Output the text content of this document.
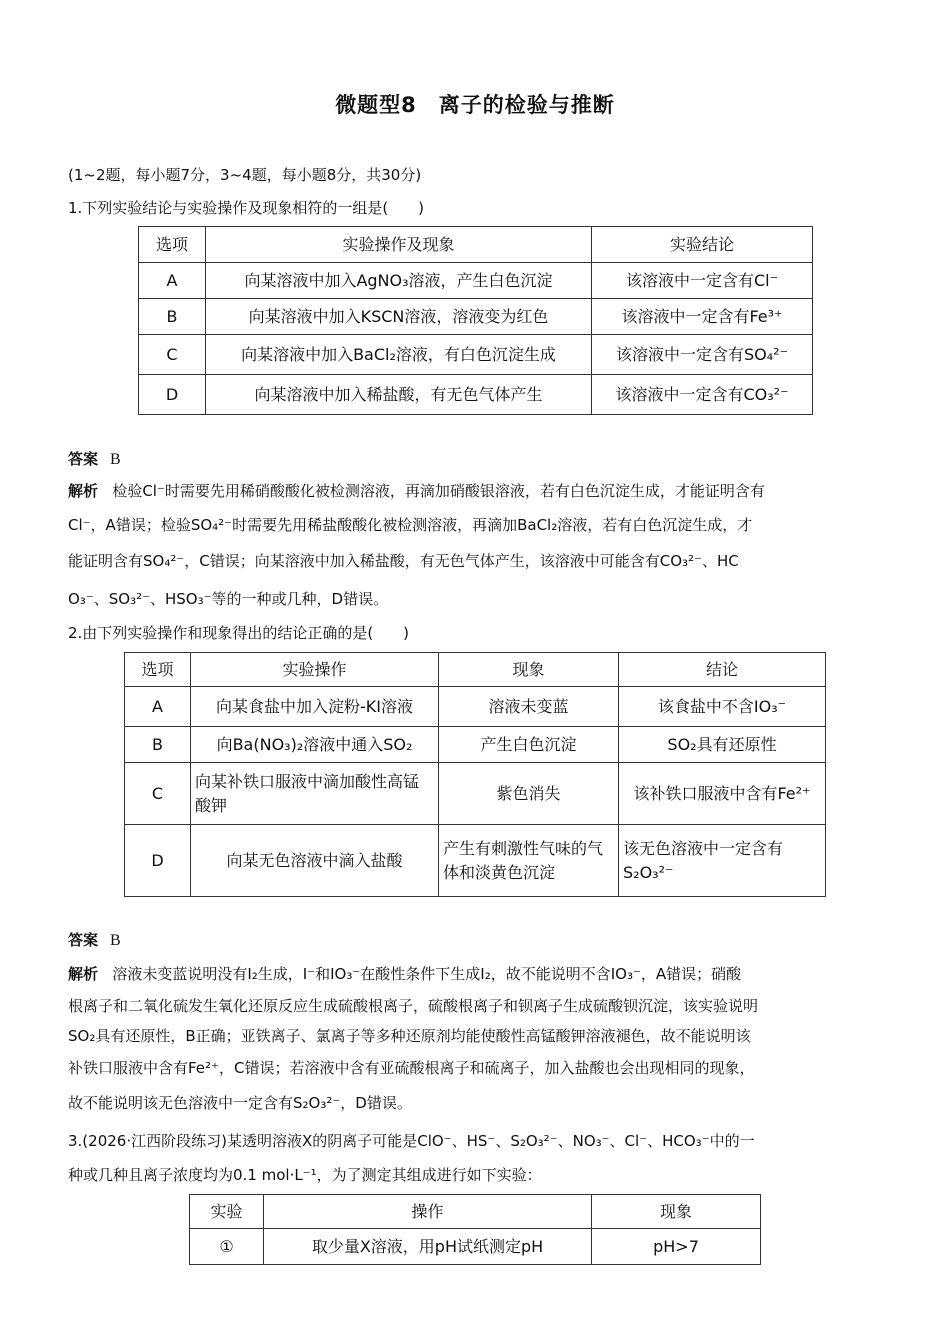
微题型8　离子的检验与推断
(1~2题，每小题7分，3~4题，每小题8分，共30分)
1.下列实验结论与实验操作及现象相符的一组是(　　)
选项	实验操作及现象	实验结论
A	向某溶液中加入AgNO₃溶液，产生白色沉淀	该溶液中一定含有Cl⁻
B	向某溶液中加入KSCN溶液，溶液变为红色	该溶液中一定含有Fe³⁺
C	向某溶液中加入BaCl₂溶液，有白色沉淀生成	该溶液中一定含有SO₄²⁻
D	向某溶液中加入稀盐酸，有无色气体产生	该溶液中一定含有CO₃²⁻
答案 B
解析 检验Cl⁻时需要先用稀硝酸酸化被检测溶液，再滴加硝酸银溶液，若有白色沉淀生成，才能证明含有
Cl⁻，A错误；检验SO₄²⁻时需要先用稀盐酸酸化被检测溶液，再滴加BaCl₂溶液，若有白色沉淀生成，才
能证明含有SO₄²⁻，C错误；向某溶液中加入稀盐酸，有无色气体产生，该溶液中可能含有CO₃²⁻、HC
O₃⁻、SO₃²⁻、HSO₃⁻等的一种或几种，D错误。
2.由下列实验操作和现象得出的结论正确的是(　　)
选项	实验操作	现象	结论
A	向某食盐中加入淀粉-KI溶液	溶液未变蓝	该食盐中不含IO₃⁻
B	向Ba(NO₃)₂溶液中通入SO₂	产生白色沉淀	SO₂具有还原性
C	向某补铁口服液中滴加酸性高锰酸钾	紫色消失	该补铁口服液中含有Fe²⁺
D	向某无色溶液中滴入盐酸	产生有刺激性气味的气体和淡黄色沉淀	该无色溶液中一定含有S₂O₃²⁻
答案 B
解析 溶液未变蓝说明没有I₂生成，I⁻和IO₃⁻在酸性条件下生成I₂，故不能说明不含IO₃⁻，A错误；硝酸
根离子和二氧化硫发生氧化还原反应生成硫酸根离子，硫酸根离子和钡离子生成硫酸钡沉淀，该实验说明
SO₂具有还原性，B正确；亚铁离子、氯离子等多种还原剂均能使酸性高锰酸钾溶液褪色，故不能说明该
补铁口服液中含有Fe²⁺，C错误；若溶液中含有亚硫酸根离子和硫离子，加入盐酸也会出现相同的现象，
故不能说明该无色溶液中一定含有S₂O₃²⁻，D错误。
3.(2026·江西阶段练习)某透明溶液X的阴离子可能是ClO⁻、HS⁻、S₂O₃²⁻、NO₃⁻、Cl⁻、HCO₃⁻中的一
种或几种且离子浓度均为0.1 mol·L⁻¹，为了测定其组成进行如下实验：
实验	操作	现象
①	取少量X溶液，用pH试纸测定pH	pH>7
